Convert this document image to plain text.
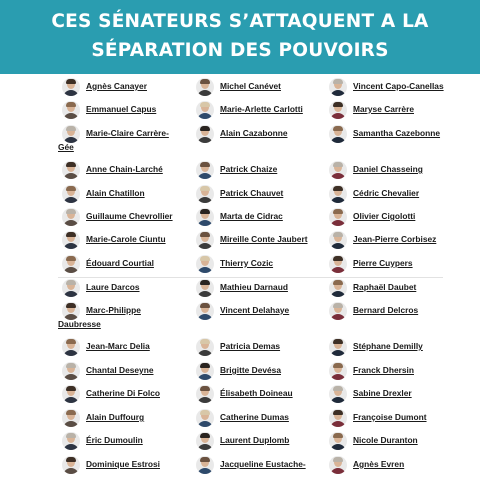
CES SÉNATEURS S’ATTAQUENT A LA
SÉPARATION DES POUVOIRS
Agnès Canayer
Emmanuel Capus
Marie-Claire Carrère-
Gée
Anne Chain-Larché
Alain Chatillon
Guillaume Chevrollier
Marie-Carole Ciuntu
Édouard Courtial
Laure Darcos
Marc-Philippe
Daubresse
Jean-Marc Delia
Chantal Deseyne
Catherine Di Folco
Alain Duffourg
Éric Dumoulin
Dominique Estrosi
Michel Canévet
Marie-Arlette Carlotti
Alain Cazabonne
Patrick Chaize
Patrick Chauvet
Marta de Cidrac
Mireille Conte Jaubert
Thierry Cozic
Mathieu Darnaud
Vincent Delahaye
Patricia Demas
Brigitte Devésa
Élisabeth Doineau
Catherine Dumas
Laurent Duplomb
Jacqueline Eustache-
Vincent Capo-Canellas
Maryse Carrère
Samantha Cazebonne
Daniel Chasseing
Cédric Chevalier
Olivier Cigolotti
Jean-Pierre Corbisez
Pierre Cuypers
Raphaël Daubet
Bernard Delcros
Stéphane Demilly
Franck Dhersin
Sabine Drexler
Françoise Dumont
Nicole Duranton
Agnès Evren
